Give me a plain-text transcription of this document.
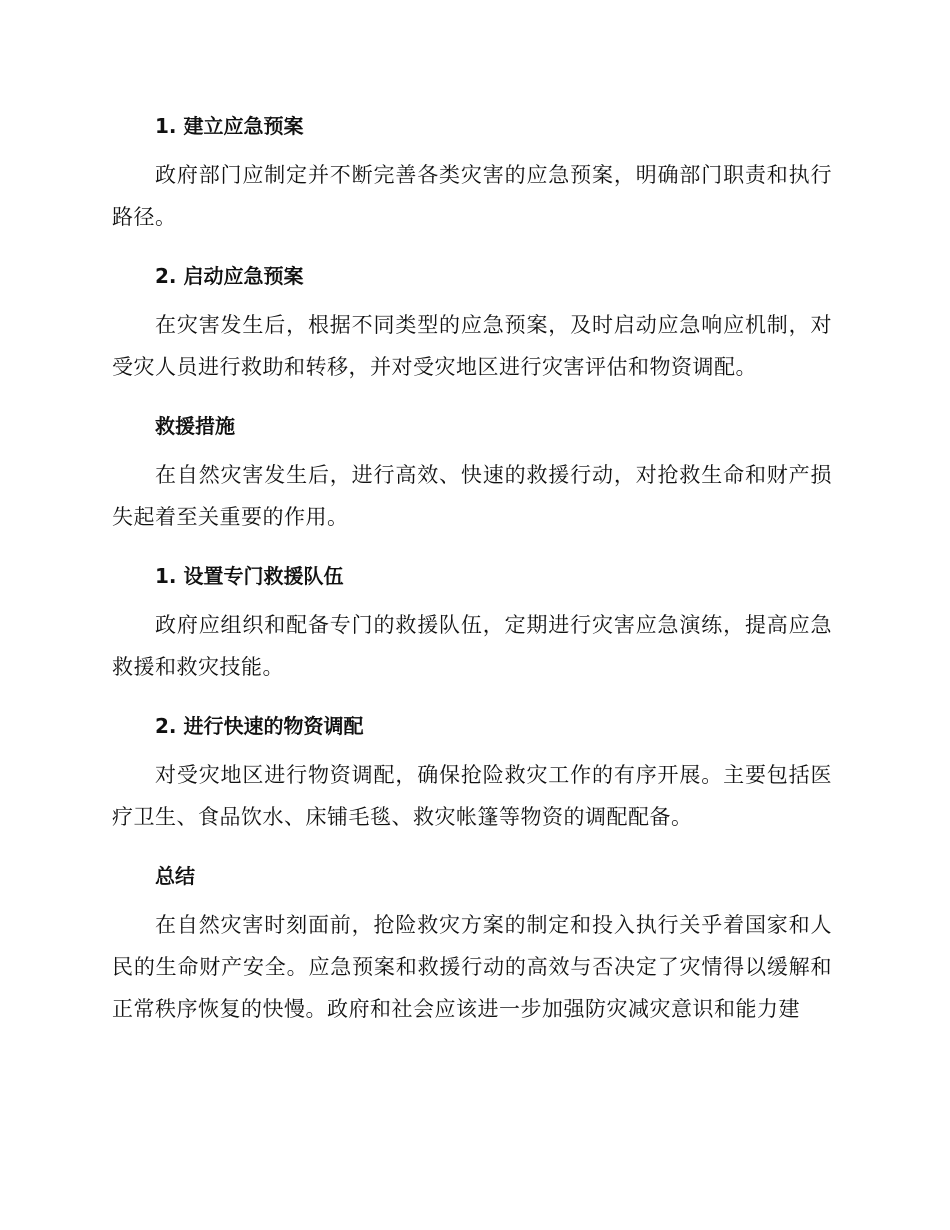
1. 建立应急预案

政府部门应制定并不断完善各类灾害的应急预案，明确部门职责和执行路径。

2. 启动应急预案

在灾害发生后，根据不同类型的应急预案，及时启动应急响应机制，对受灾人员进行救助和转移，并对受灾地区进行灾害评估和物资调配。

救援措施

在自然灾害发生后，进行高效、快速的救援行动，对抢救生命和财产损失起着至关重要的作用。

1. 设置专门救援队伍

政府应组织和配备专门的救援队伍，定期进行灾害应急演练，提高应急救援和救灾技能。

2. 进行快速的物资调配

对受灾地区进行物资调配，确保抢险救灾工作的有序开展。主要包括医疗卫生、食品饮水、床铺毛毯、救灾帐篷等物资的调配配备。

总结

在自然灾害时刻面前，抢险救灾方案的制定和投入执行关乎着国家和人民的生命财产安全。应急预案和救援行动的高效与否决定了灾情得以缓解和正常秩序恢复的快慢。政府和社会应该进一步加强防灾减灾意识和能力建
